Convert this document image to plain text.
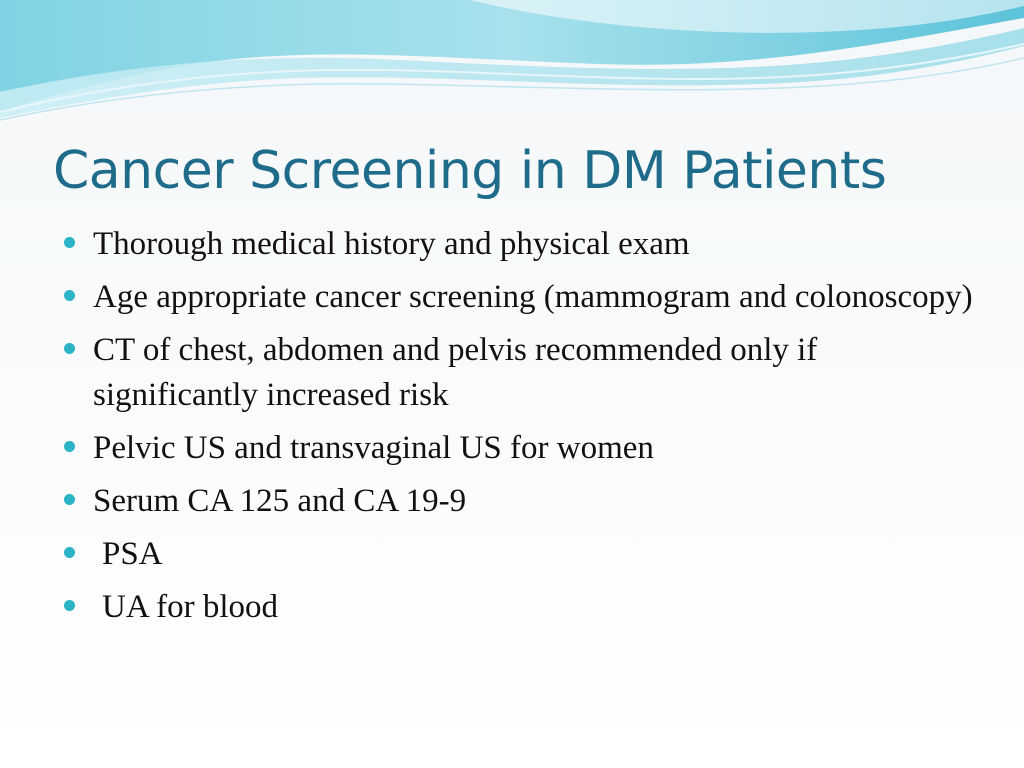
Cancer Screening in DM Patients
Thorough medical history and physical exam
Age appropriate cancer screening (mammogram and colonoscopy)
CT of chest, abdomen and pelvis recommended only if significantly increased risk
Pelvic US and transvaginal US for women
Serum CA 125 and CA 19-9
PSA
UA for blood
